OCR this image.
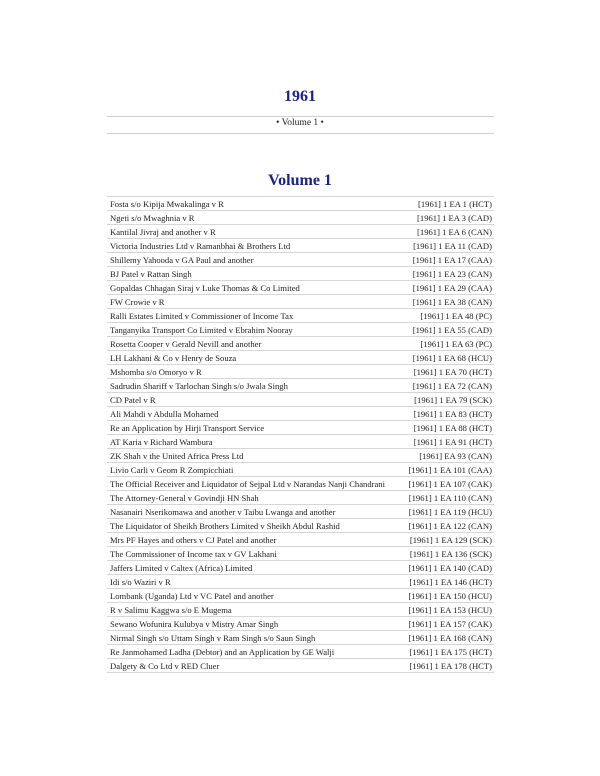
1961
• Volume 1 •
Volume 1
Fosta s/o Kipija Mwakalinga v R	[1961] 1 EA 1 (HCT)
Ngeti s/o Mwaghnia v R	[1961] 1 EA 3 (CAD)
Kantilal Jivraj and another v R	[1961] 1 EA 6 (CAN)
Victoria Industries Ltd v Ramanbhai & Brothers Ltd	[1961] 1 EA 11 (CAD)
Shillemy Yahooda v GA Paul and another	[1961] 1 EA 17 (CAA)
BJ Patel v Rattan Singh	[1961] 1 EA 23 (CAN)
Gopaldas Chhagan Siraj v Luke Thomas & Co Limited	[1961] 1 EA 29 (CAA)
FW Crowie v R	[1961] 1 EA 38 (CAN)
Ralli Estates Limited v Commissioner of Income Tax	[1961] 1 EA 48 (PC)
Tanganyika Transport Co Limited v Ebrahim Nooray	[1961] 1 EA 55 (CAD)
Rosetta Cooper v Gerald Nevill and another	[1961] 1 EA 63 (PC)
LH Lakhani & Co v Henry de Souza	[1961] 1 EA 68 (HCU)
Mshomba s/o Omoryo v R	[1961] 1 EA 70 (HCT)
Sadrudin Shariff v Tarlochan Singh s/o Jwala Singh	[1961] 1 EA 72 (CAN)
CD Patel v R	[1961] 1 EA 79 (SCK)
Ali Mahdi v Abdulla Mohamed	[1961] 1 EA 83 (HCT)
Re an Application by Hirji Transport Service	[1961] 1 EA 88 (HCT)
AT Karia v Richard Wambura	[1961] 1 EA 91 (HCT)
ZK Shah v the United Africa Press Ltd	[1961] EA 93 (CAN)
Livio Carli v Geom R Zompicchiati	[1961] 1 EA 101 (CAA)
The Official Receiver and Liquidator of Sejpal Ltd v Narandas Nanji Chandrani	[1961] 1 EA 107 (CAK)
The Attorney-General v Govindji HN Shah	[1961] 1 EA 110 (CAN)
Nasanairi Nserikomawa and another v Taibu Lwanga and another	[1961] 1 EA 119 (HCU)
The Liquidator of Sheikh Brothers Limited v Sheikh Abdul Rashid	[1961] 1 EA 122 (CAN)
Mrs PF Hayes and others v CJ Patel and another	[1961] 1 EA 129 (SCK)
The Commissioner of Income tax v GV Lakhani	[1961] 1 EA 136 (SCK)
Jaffers Limited v Caltex (Africa) Limited	[1961] 1 EA 140 (CAD)
Idi s/o Waziri v R	[1961] 1 EA 146 (HCT)
Lombank (Uganda) Ltd v VC Patel and another	[1961] 1 EA 150 (HCU)
R v Salimu Kaggwa s/o E Mugema	[1961] 1 EA 153 (HCU)
Sewano Wofunira Kulubya v Mistry Amar Singh	[1961] 1 EA 157 (CAK)
Nirmal Singh s/o Uttam Singh v Ram Singh s/o Saun Singh	[1961] 1 EA 168 (CAN)
Re Janmohamed Ladha (Debtor) and an Application by GE Walji	[1961] 1 EA 175 (HCT)
Dalgety & Co Ltd v RED Cluer	[1961] 1 EA 178 (HCT)
